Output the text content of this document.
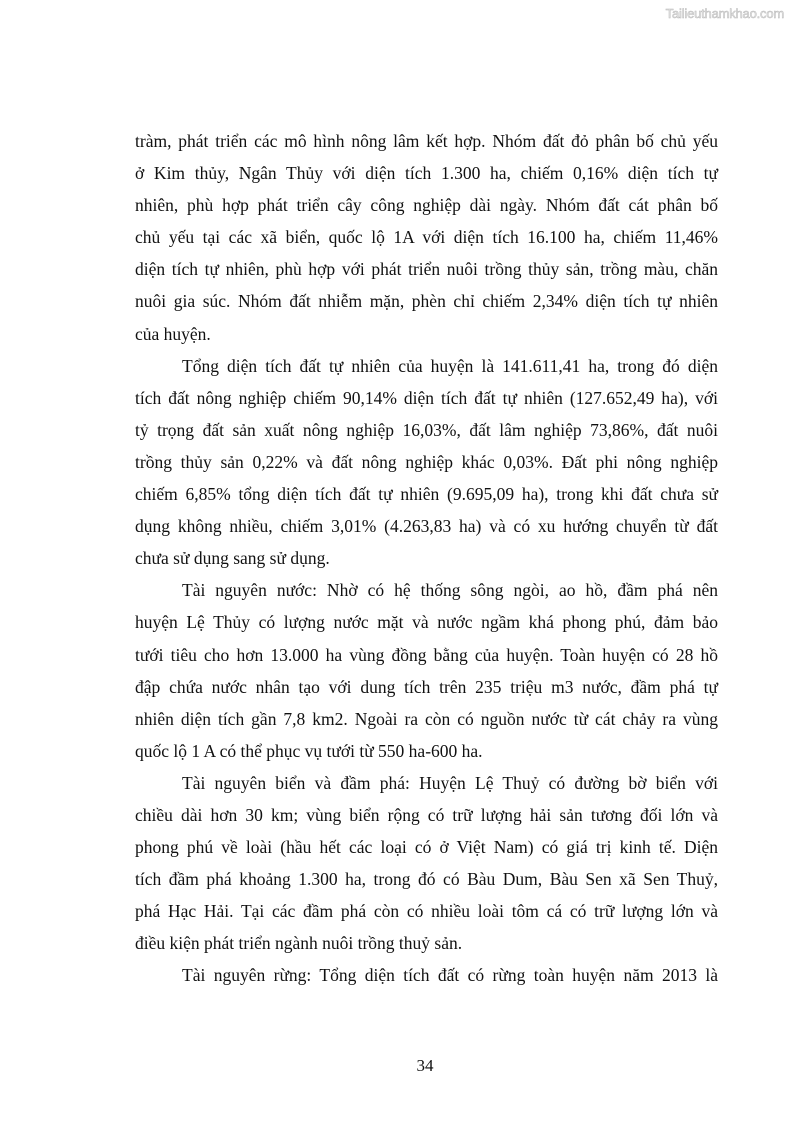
Tailieuthamkhao.com
tràm, phát triển các mô hình nông lâm kết hợp. Nhóm đất đỏ phân bố chủ yếu
ở Kim thủy, Ngân Thủy với diện tích 1.300 ha, chiếm 0,16% diện tích tự
nhiên, phù hợp phát triển cây công nghiệp dài ngày. Nhóm đất cát phân bố
chủ yếu tại các xã biển, quốc lộ 1A với diện tích 16.100 ha, chiếm 11,46%
diện tích tự nhiên, phù hợp với phát triển nuôi trồng thủy sản, trồng màu, chăn
nuôi gia súc. Nhóm đất nhiễm mặn, phèn chỉ chiếm 2,34% diện tích tự nhiên
của huyện.
Tổng diện tích đất tự nhiên của huyện là 141.611,41 ha, trong đó diện
tích đất nông nghiệp chiếm 90,14% diện tích đất tự nhiên (127.652,49 ha), với
tỷ trọng đất sản xuất nông nghiệp 16,03%, đất lâm nghiệp 73,86%, đất nuôi
trồng thủy sản 0,22% và đất nông nghiệp khác 0,03%. Đất phi nông nghiệp
chiếm 6,85% tổng diện tích đất tự nhiên (9.695,09 ha), trong khi đất chưa sử
dụng không nhiều, chiếm 3,01% (4.263,83 ha) và có xu hướng chuyển từ đất
chưa sử dụng sang sử dụng.
Tài nguyên nước: Nhờ có hệ thống sông ngòi, ao hồ, đầm phá nên
huyện Lệ Thủy có lượng nước mặt và nước ngầm khá phong phú, đảm bảo
tưới tiêu cho hơn 13.000 ha vùng đồng bằng của huyện. Toàn huyện có 28 hồ
đập chứa nước nhân tạo với dung tích trên 235 triệu m3 nước, đầm phá tự
nhiên diện tích gần 7,8 km2. Ngoài ra còn có nguồn nước từ cát chảy ra vùng
quốc lộ 1 A có thể phục vụ tưới từ 550 ha-600 ha.
Tài nguyên biển và đầm phá: Huyện Lệ Thuỷ có đường bờ biển với
chiều dài hơn 30 km; vùng biển rộng có trữ lượng hải sản tương đối lớn và
phong phú về loài (hầu hết các loại có ở Việt Nam) có giá trị kinh tế. Diện
tích đầm phá khoảng 1.300 ha, trong đó có Bàu Dum, Bàu Sen xã Sen Thuỷ,
phá Hạc Hải. Tại các đầm phá còn có nhiều loài tôm cá có trữ lượng lớn và
điều kiện phát triển ngành nuôi trồng thuỷ sản.
Tài nguyên rừng: Tổng diện tích đất có rừng toàn huyện năm 2013 là
34
